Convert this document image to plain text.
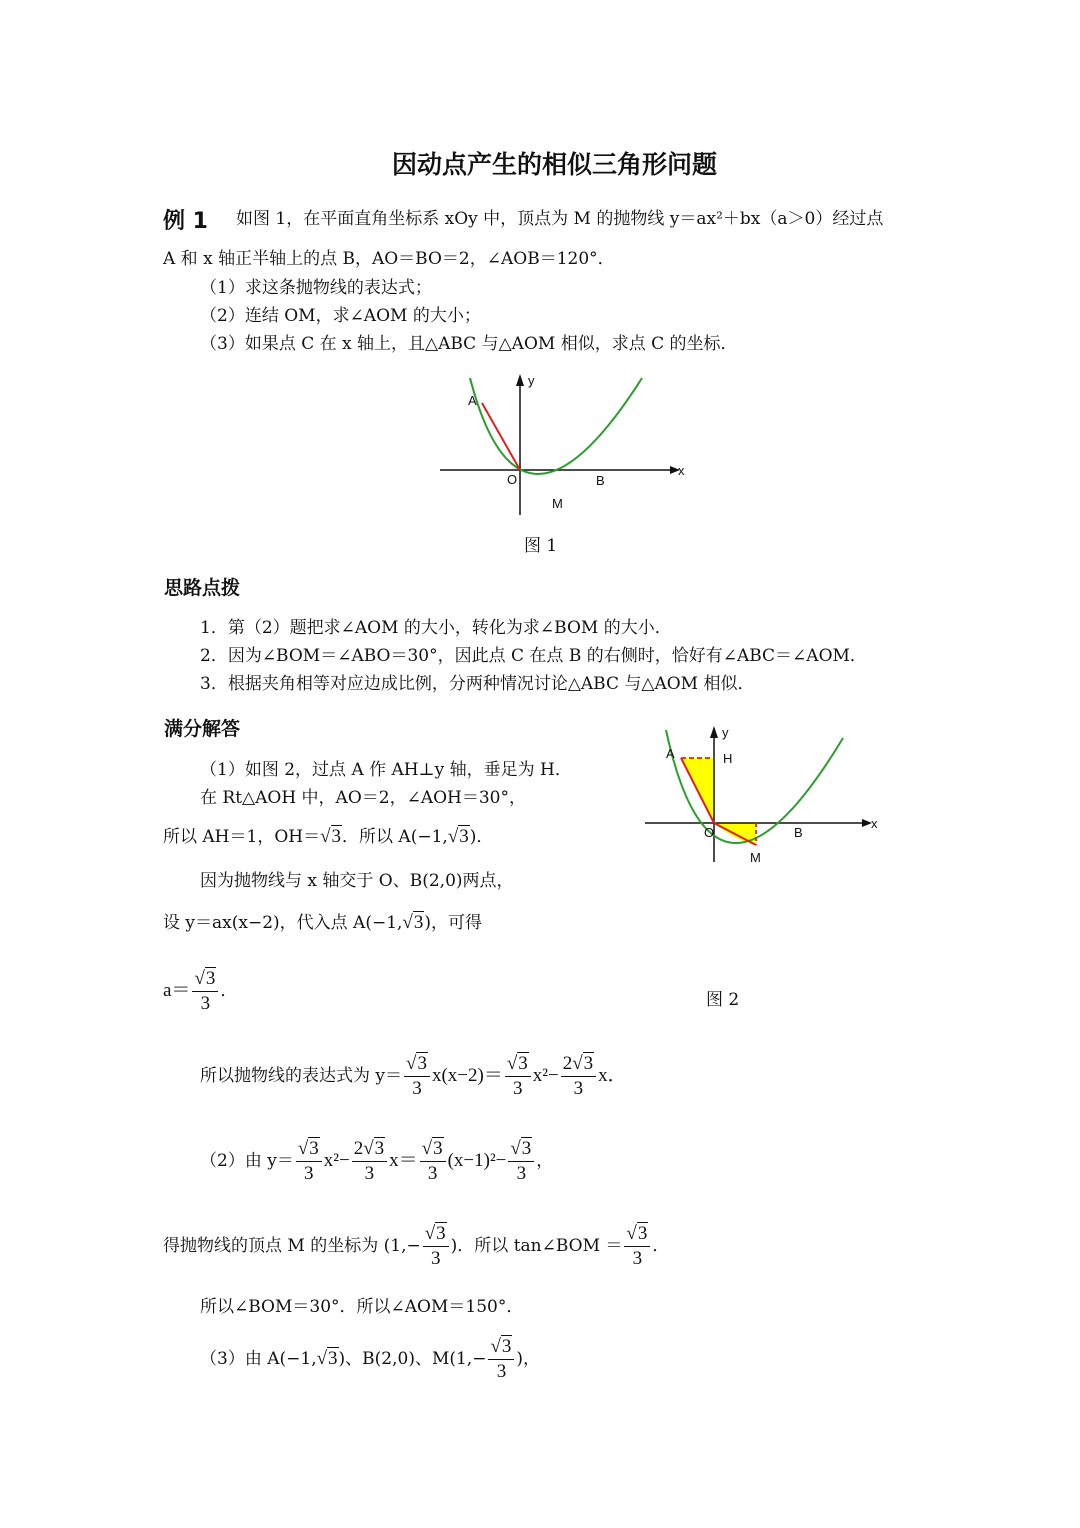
因动点产生的相似三角形问题
例 1 如图 1，在平面直角坐标系 xOy 中，顶点为 M 的抛物线 y＝ax²＋bx（a＞0）经过点
A 和 x 轴正半轴上的点 B，AO＝BO＝2，∠AOB＝120°．
（1）求这条抛物线的表达式；
（2）连结 OM，求∠AOM 的大小；
（3）如果点 C 在 x 轴上，且△ABC 与△AOM 相似，求点 C 的坐标．
y
x
A
O	B
M
图 1
思路点拨
1．第（2）题把求∠AOM 的大小，转化为求∠BOM 的大小．
2．因为∠BOM＝∠ABO＝30°，因此点 C 在点 B 的右侧时，恰好有∠ABC＝∠AOM．
3．根据夹角相等对应边成比例，分两种情况讨论△ABC 与△AOM 相似．
满分解答	y
x
A	H
O	B
M
（1）如图 2，过点 A 作 AH⊥y 轴，垂足为 H．
在 Rt△AOH 中，AO＝2，∠AOH＝30°，
所以 AH＝1，OH＝√3．所以 A(−1,√3)．
因为抛物线与 x 轴交于 O、B(2,0)两点，
设 y＝ax(x−2)，代入点 A(−1,√3)，可得
$a= \frac{√3}{3}$ ．	图 2
所以抛物线的表达式为 $y= \frac{√3}{3} x(x-2)= \frac{√3}{3} x^2- \frac{2√3}{3}$ x．
（2）由 $y= \frac{√3}{3} x^2- \frac{2√3}{3} x= \frac{√3}{3} (x-1)^2- \frac{√3}{3}$ ，
得抛物线的顶点 M 的坐标为 ($1,- \frac{√3}{3}$ )．所以 tan∠BOM ＝ $\frac{√3}{3}$ ．
所以∠BOM＝30°．所以∠AOM＝150°．
（3）由 A(−1,√3)、B(2,0)、$M(1,- \frac{√3}{3}$ )，
